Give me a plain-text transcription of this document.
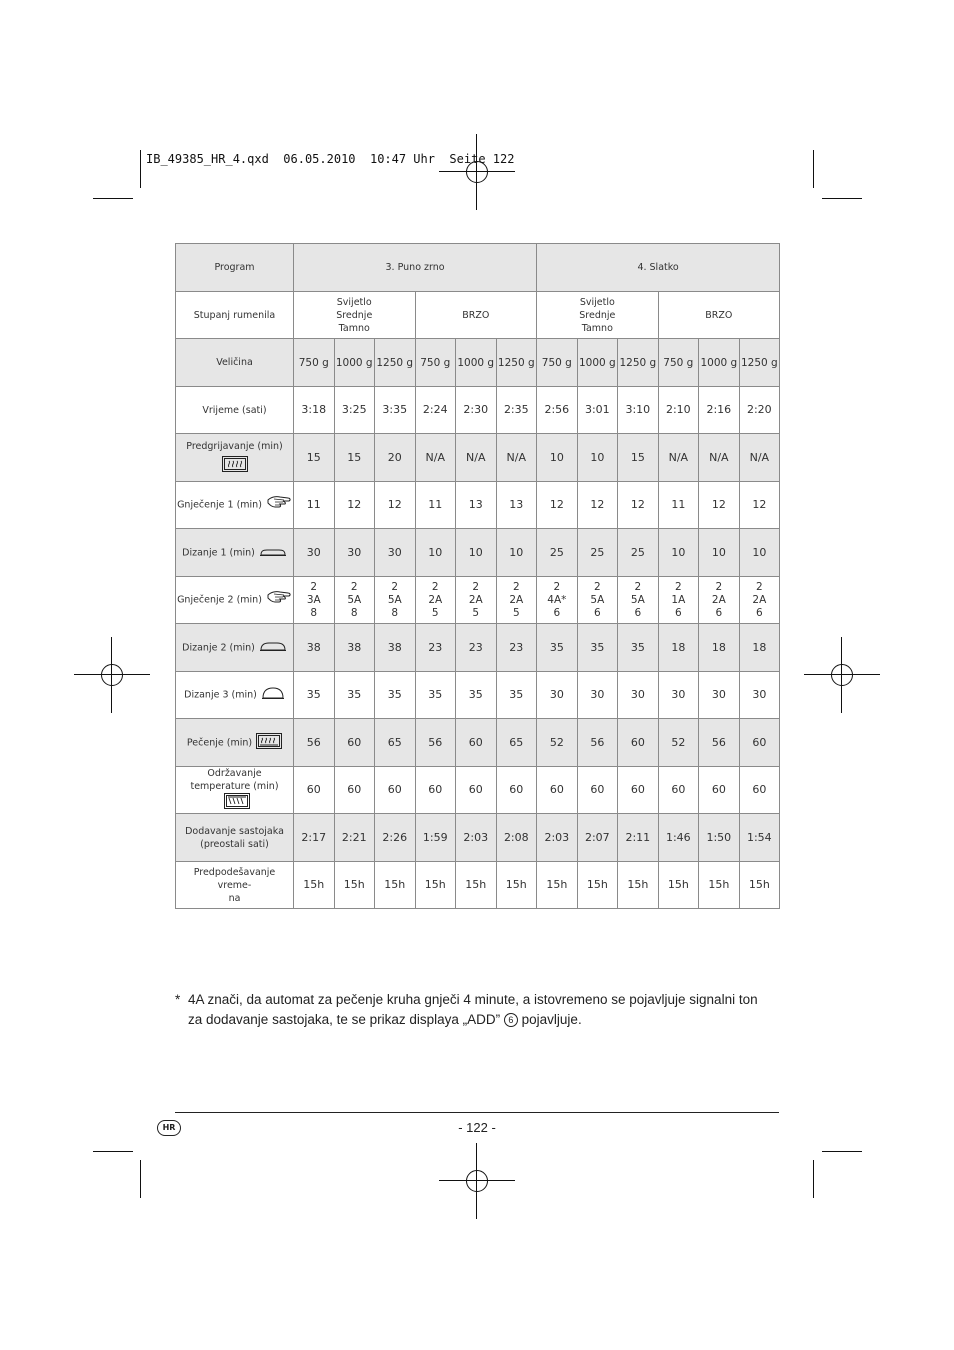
IB_49385_HR_4.qxd  06.05.2010  10:47 Uhr  Seite 122
Program	3. Puno zrno						4. Slatko					
Stupanj rumenila	Svijetlo
Srednje
Tamno			BRZO			Svijetlo
Srednje
Tamno			BRZO		
Veličina	750 g	1000 g	1250 g	750 g	1000 g	1250 g	750 g	1000 g	1250 g	750 g	1000 g	1250 g
Vrijeme (sati)	3:18	3:25	3:35	2:24	2:30	2:35	2:56	3:01	3:10	2:10	2:16	2:20
Predgrijavanje (min)	15	15	20	N/A	N/A	N/A	10	10	15	N/A	N/A	N/A
Gnječenje 1 (min)	11	12	12	11	13	13	12	12	12	11	12	12
Dizanje 1 (min)	30	30	30	10	10	10	25	25	25	10	10	10
Gnječenje 2 (min)	2
3A
8	2
5A
8	2
5A
8	2
2A
5	2
2A
5	2
2A
5	2
4A*
6	2
5A
6	2
5A
6	2
1A
6	2
2A
6	2
2A
6

Dizanje 2 (min)	38	38	38	23	23	23	35	35	35	18	18	18
Dizanje 3 (min)	35	35	35	35	35	35	30	30	30	30	30	30
Pečenje (min)	56	60	65	56	60	65	52	56	60	52	56	60
Održavanje
temperature (min)	60	60	60	60	60	60	60	60	60	60	60	60
Dodavanje sastojaka
(preostali sati)	2:17	2:21	2:26	1:59	2:03	2:08	2:03	2:07	2:11	1:46	1:50	1:54
Predpodešavanje vreme-
na	15h	15h	15h	15h	15h	15h	15h	15h	15h	15h	15h	15h
* 4A znači, da automat za pečenje kruha gnječi 4 minute, a istovremeno se pojavljuje signalni ton za dodavanje sastojaka, te se prikaz displaya „ADD” 6 pojavljuje.
HR	- 122 -
